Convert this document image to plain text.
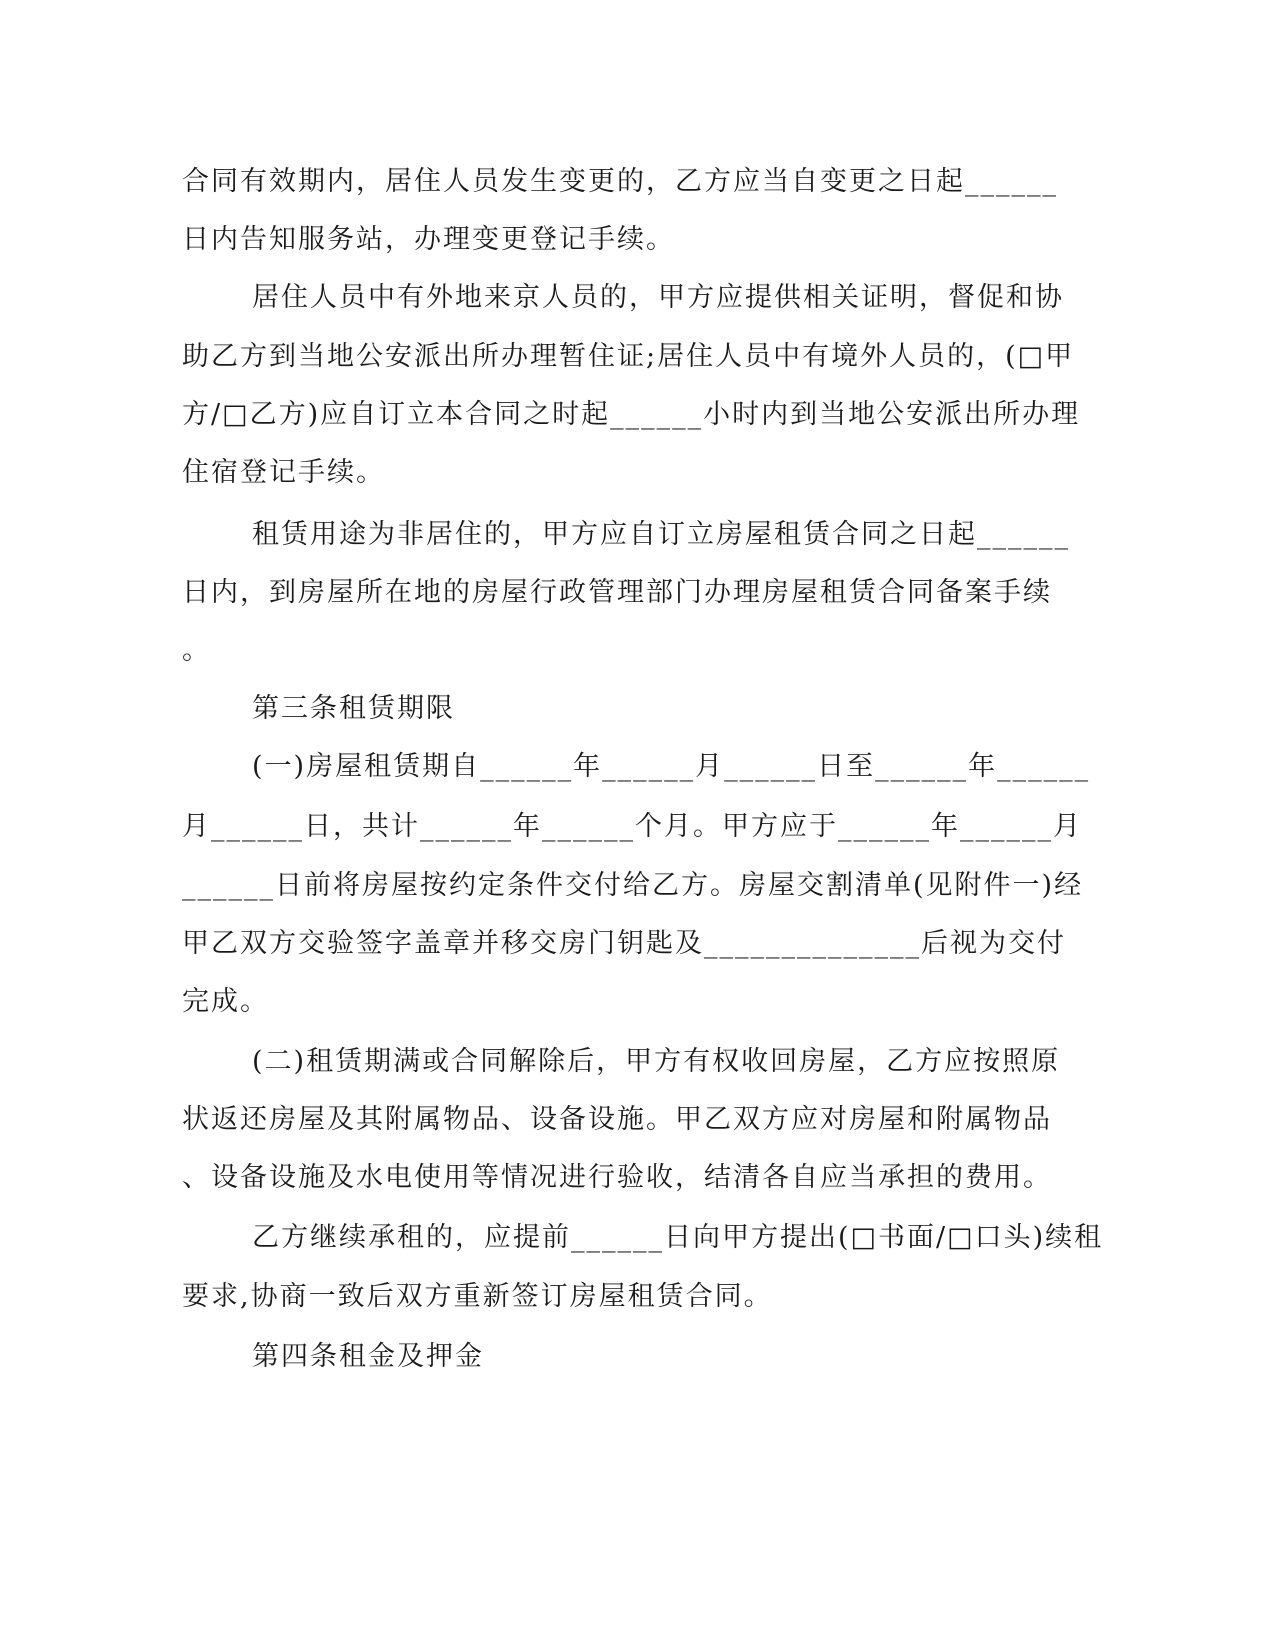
合同有效期内，居住人员发生变更的，乙方应当自变更之日起______
日内告知服务站，办理变更登记手续。
居住人员中有外地来京人员的，甲方应提供相关证明，督促和协
助乙方到当地公安派出所办理暂住证;居住人员中有境外人员的，(□甲
方/□乙方)应自订立本合同之时起______小时内到当地公安派出所办理
住宿登记手续。
租赁用途为非居住的，甲方应自订立房屋租赁合同之日起______
日内，到房屋所在地的房屋行政管理部门办理房屋租赁合同备案手续
。
第三条租赁期限
(一)房屋租赁期自______年______月______日至______年______
月______日，共计______年______个月。甲方应于______年______月
______日前将房屋按约定条件交付给乙方。房屋交割清单(见附件一)经
甲乙双方交验签字盖章并移交房门钥匙及______________后视为交付
完成。
(二)租赁期满或合同解除后，甲方有权收回房屋，乙方应按照原
状返还房屋及其附属物品、设备设施。甲乙双方应对房屋和附属物品
、设备设施及水电使用等情况进行验收，结清各自应当承担的费用。
乙方继续承租的，应提前______日向甲方提出(□书面/□口头)续租
要求,协商一致后双方重新签订房屋租赁合同。
第四条租金及押金
